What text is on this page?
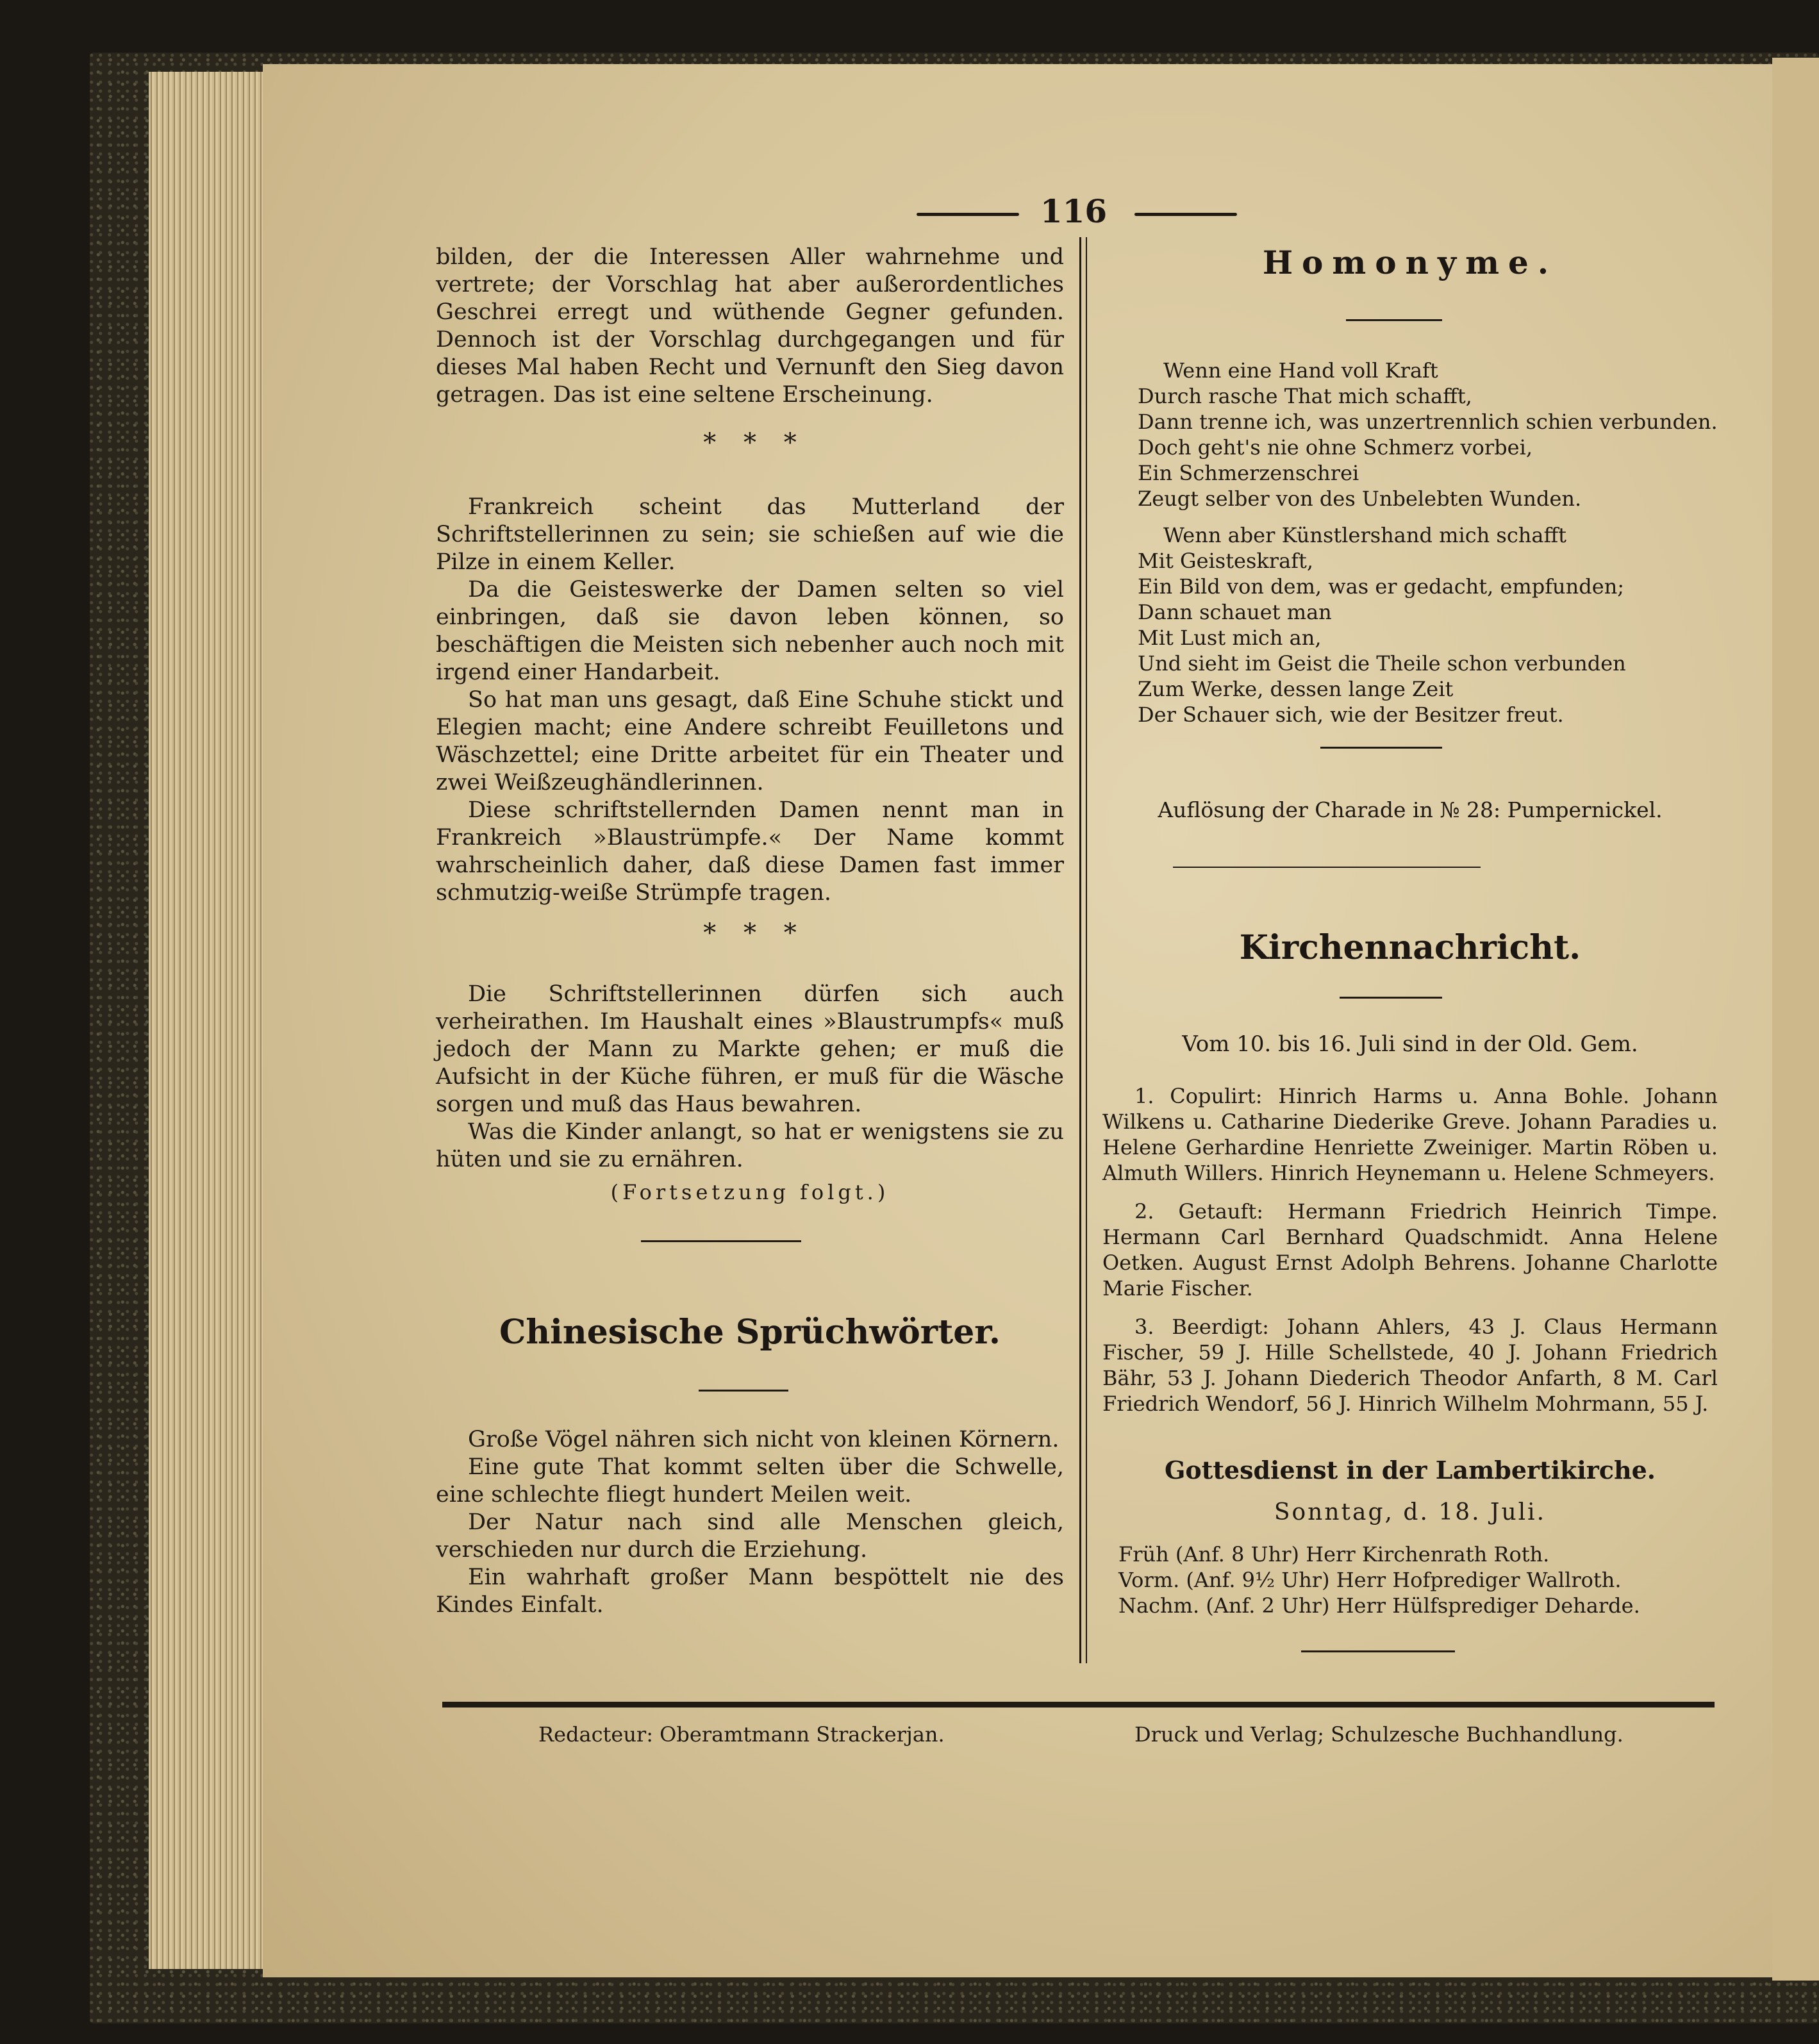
116

bilden, der die Interessen Aller wahrnehme und vertrete; der Vorschlag hat aber außerordentliches Geschrei erregt und wüthende Gegner gefunden. Dennoch ist der Vorschlag durchgegangen und für dieses Mal haben Recht und Vernunft den Sieg davon getragen. Das ist eine seltene Erscheinung.

* * *

Frankreich scheint das Mutterland der Schriftstellerinnen zu sein; sie schießen auf wie die Pilze in einem Keller.

Da die Geisteswerke der Damen selten so viel einbringen, daß sie davon leben können, so beschäftigen die Meisten sich nebenher auch noch mit irgend einer Handarbeit.

So hat man uns gesagt, daß Eine Schuhe stickt und Elegien macht; eine Andere schreibt Feuilletons und Wäschzettel; eine Dritte arbeitet für ein Theater und zwei Weißzeughändlerinnen.

Diese schriftstellernden Damen nennt man in Frankreich »Blaustrümpfe.« Der Name kommt wahrscheinlich daher, daß diese Damen fast immer schmutzig-weiße Strümpfe tragen.

* * *

Die Schriftstellerinnen dürfen sich auch verheirathen. Im Haushalt eines »Blaustrumpfs« muß jedoch der Mann zu Markte gehen; er muß die Aufsicht in der Küche führen, er muß für die Wäsche sorgen und muß das Haus bewahren.

Was die Kinder anlangt, so hat er wenigstens sie zu hüten und sie zu ernähren.

(Fortsetzung folgt.)
Chinesische Sprüchwörter.

Große Vögel nähren sich nicht von kleinen Körnern.

Eine gute That kommt selten über die Schwelle, eine schlechte fliegt hundert Meilen weit.

Der Natur nach sind alle Menschen gleich, verschieden nur durch die Erziehung.

Ein wahrhaft großer Mann bespöttelt nie des Kindes Einfalt.

Homonyme.

Wenn eine Hand voll Kraft

Durch rasche That mich schafft,

Dann trenne ich, was unzertrennlich schien verbunden.

Doch geht's nie ohne Schmerz vorbei,

Ein Schmerzenschrei

Zeugt selber von des Unbelebten Wunden.

Wenn aber Künstlershand mich schafft

Mit Geisteskraft,

Ein Bild von dem, was er gedacht, empfunden;

Dann schauet man

Mit Lust mich an,

Und sieht im Geist die Theile schon verbunden

Zum Werke, dessen lange Zeit

Der Schauer sich, wie der Besitzer freut.

Auflösung der Charade in № 28: Pumpernickel.
Kirchennachricht.
Vom 10. bis 16. Juli sind in der Old. Gem.

1. Copulirt: Hinrich Harms u. Anna Bohle. Johann Wilkens u. Catharine Diederike Greve. Johann Paradies u. Helene Gerhardine Henriette Zweiniger. Martin Röben u. Almuth Willers. Hinrich Heynemann u. Helene Schmeyers.

2. Getauft: Hermann Friedrich Heinrich Timpe. Hermann Carl Bernhard Quadschmidt. Anna Helene Oetken. August Ernst Adolph Behrens. Johanne Charlotte Marie Fischer.

3. Beerdigt: Johann Ahlers, 43 J. Claus Hermann Fischer, 59 J. Hille Schellstede, 40 J. Johann Friedrich Bähr, 53 J. Johann Diederich Theodor Anfarth, 8 M. Carl Friedrich Wendorf, 56 J. Hinrich Wilhelm Mohrmann, 55 J.

Gottesdienst in der Lambertikirche.
Sonntag, d. 18. Juli.

Früh (Anf. 8 Uhr) Herr Kirchenrath Roth.

Vorm. (Anf. 9½ Uhr) Herr Hofprediger Wallroth.

Nachm. (Anf. 2 Uhr) Herr Hülfsprediger Deharde.

Redacteur: Oberamtmann Strackerjan.	Druck und Verlag; Schulzesche Buchhandlung.
